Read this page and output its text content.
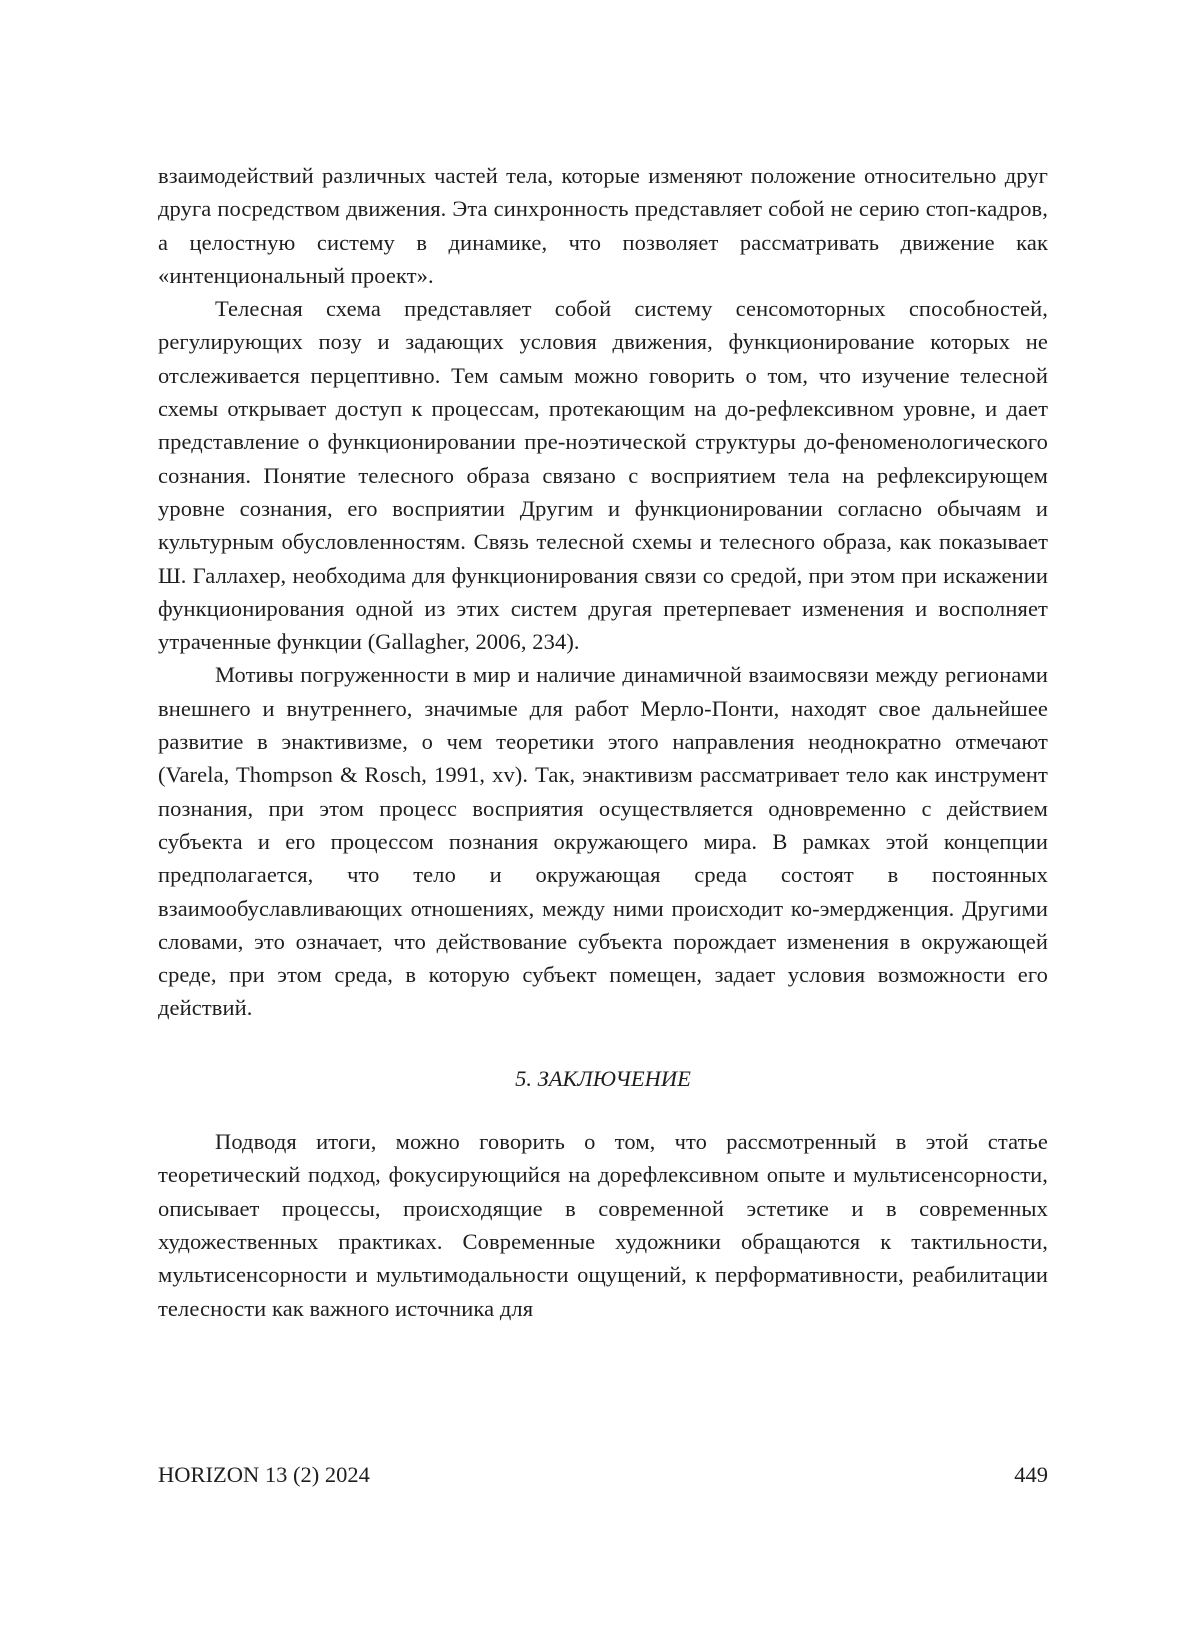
взаимодействий различных частей тела, которые изменяют положение относительно друг друга посредством движения. Эта синхронность представляет собой не серию стоп-кадров, а целостную систему в динамике, что позволяет рассматривать движение как «интенциональный проект».

Телесная схема представляет собой систему сенсомоторных способностей, регулирующих позу и задающих условия движения, функционирование которых не отслеживается перцептивно. Тем самым можно говорить о том, что изучение телесной схемы открывает доступ к процессам, протекающим на до-рефлексивном уровне, и дает представление о функционировании пре-ноэтической структуры до-феноменологического сознания. Понятие телесного образа связано с восприятием тела на рефлексирующем уровне сознания, его восприятии Другим и функционировании согласно обычаям и культурным обусловленностям. Связь телесной схемы и телесного образа, как показывает Ш. Галлахер, необходима для функционирования связи со средой, при этом при искажении функционирования одной из этих систем другая претерпевает изменения и восполняет утраченные функции (Gallagher, 2006, 234).

Мотивы погруженности в мир и наличие динамичной взаимосвязи между регионами внешнего и внутреннего, значимые для работ Мерло-Понти, находят свое дальнейшее развитие в энактивизме, о чем теоретики этого направления неоднократно отмечают (Varela, Thompson & Rosch, 1991, xv). Так, энактивизм рассматривает тело как инструмент познания, при этом процесс восприятия осуществляется одновременно с действием субъекта и его процессом познания окружающего мира. В рамках этой концепции предполагается, что тело и окружающая среда состоят в постоянных взаимообуславливающих отношениях, между ними происходит ко-эмердженция. Другими словами, это означает, что действование субъекта порождает изменения в окружающей среде, при этом среда, в которую субъект помещен, задает условия возможности его действий.

5. ЗАКЛЮЧЕНИЕ

Подводя итоги, можно говорить о том, что рассмотренный в этой статье теоретический подход, фокусирующийся на дорефлексивном опыте и мультисенсорности, описывает процессы, происходящие в современной эстетике и в современных художественных практиках. Современные художники обращаются к тактильности, мультисенсорности и мультимодальности ощущений, к перформативности, реабилитации телесности как важного источника для

HORIZON 13 (2) 2024	449
